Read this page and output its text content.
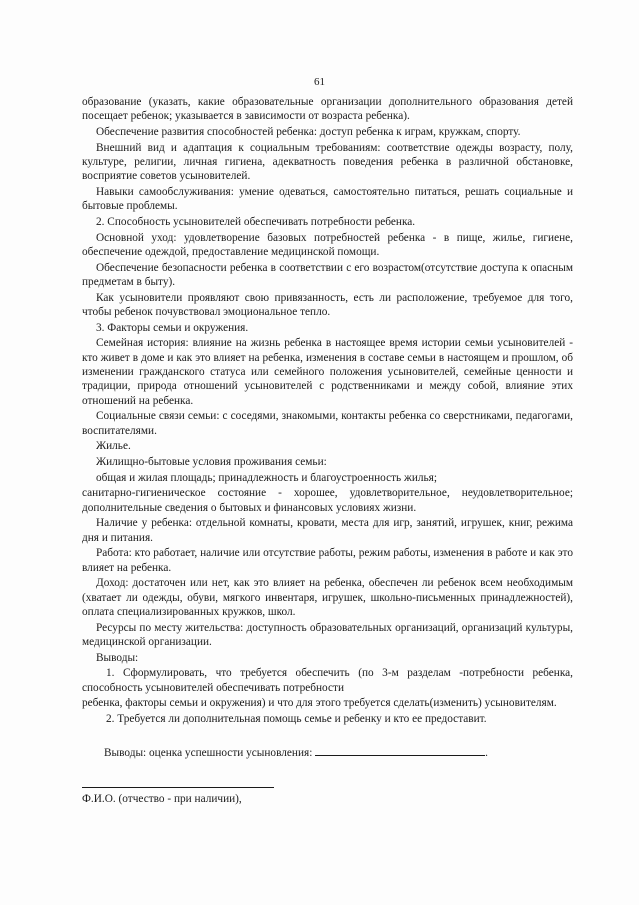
61

образование (указать, какие образовательные организации дополнительного образования детей посещает ребенок; указывается в зависимости от возраста ребенка).

Обеспечение развития способностей ребенка: доступ ребенка к играм, кружкам, спорту.

Внешний вид и адаптация к социальным требованиям: соответствие одежды возрасту, полу, культуре, религии, личная гигиена, адекватность поведения ребенка в различной обстановке, восприятие советов усыновителей.

Навыки самообслуживания: умение одеваться, самостоятельно питаться, решать социальные и бытовые проблемы.

2. Способность усыновителей обеспечивать потребности ребенка.

Основной уход: удовлетворение базовых потребностей ребенка - в пище, жилье, гигиене, обеспечение одеждой, предоставление медицинской помощи.

Обеспечение безопасности ребенка в соответствии с его возрастом(отсутствие доступа к опасным предметам в быту).

Как усыновители проявляют свою привязанность, есть ли расположение, требуемое для того, чтобы ребенок почувствовал эмоциональное тепло.

3. Факторы семьи и окружения.

Семейная история: влияние на жизнь ребенка в настоящее время истории семьи усыновителей - кто живет в доме и как это влияет на ребенка, изменения в составе семьи в настоящем и прошлом, об изменении гражданского статуса или семейного положения усыновителей, семейные ценности и традиции, природа отношений усыновителей с родственниками и между собой, влияние этих отношений на ребенка.

Социальные связи семьи: с соседями, знакомыми, контакты ребенка со сверстниками, педагогами, воспитателями.

Жилье.

Жилищно-бытовые условия проживания семьи:

общая и жилая площадь; принадлежность и благоустроенность жилья;

санитарно-гигиеническое состояние - хорошее, удовлетворительное, неудовлетворительное; дополнительные сведения о бытовых и финансовых условиях жизни.

Наличие у ребенка: отдельной комнаты, кровати, места для игр, занятий, игрушек, книг, режима дня и питания.

Работа: кто работает, наличие или отсутствие работы, режим работы, изменения в работе и как это влияет на ребенка.

Доход: достаточен или нет, как это влияет на ребенка, обеспечен ли ребенок всем необходимым (хватает ли одежды, обуви, мягкого инвентаря, игрушек, школьно-письменных принадлежностей), оплата специализированных кружков, школ.

Ресурсы по месту жительства: доступность образовательных организаций, организаций культуры, медицинской организации.

Выводы:

1. Сформулировать, что требуется обеспечить (по 3-м разделам -потребности ребенка, способность усыновителей обеспечивать потребности

ребенка, факторы семьи и окружения) и что для этого требуется сделать(изменить) усыновителям.

2. Требуется ли дополнительная помощь семье и ребенку и кто ее предоставит.

Выводы: оценка успешности усыновления:	.

Ф.И.О. (отчество - при наличии),
